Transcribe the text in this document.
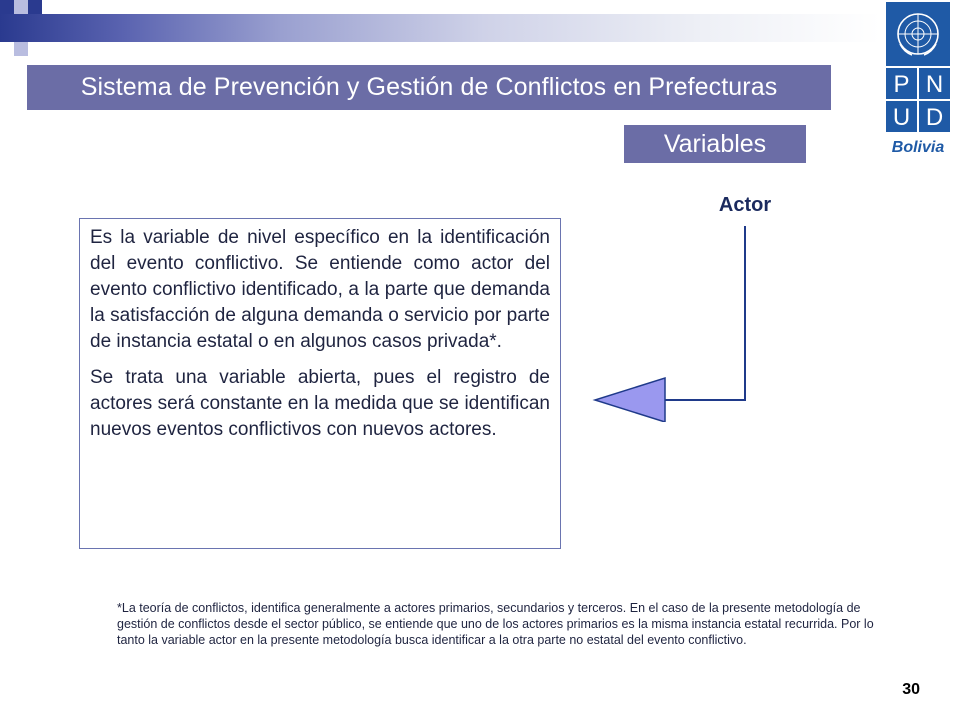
Sistema de Prevención y Gestión de Conflictos en Prefecturas
Variables
P N
U D
Bolivia
Actor

Es la variable de nivel específico en la identificación del evento conflictivo. Se entiende como actor del evento conflictivo identificado, a la parte que demanda la satisfacción de alguna demanda o servicio por parte de instancia estatal o en algunos casos privada*.

Se trata una variable abierta, pues el registro de actores será constante en la medida que se identifican nuevos eventos conflictivos con nuevos actores.

*La teoría de conflictos, identifica generalmente a actores primarios, secundarios y terceros. En el caso de la presente metodología de gestión de conflictos desde el sector público, se entiende que uno de los actores primarios es la misma instancia estatal recurrida. Por lo tanto la variable actor en la presente metodología busca identificar a la otra parte no estatal del evento conflictivo.
30
